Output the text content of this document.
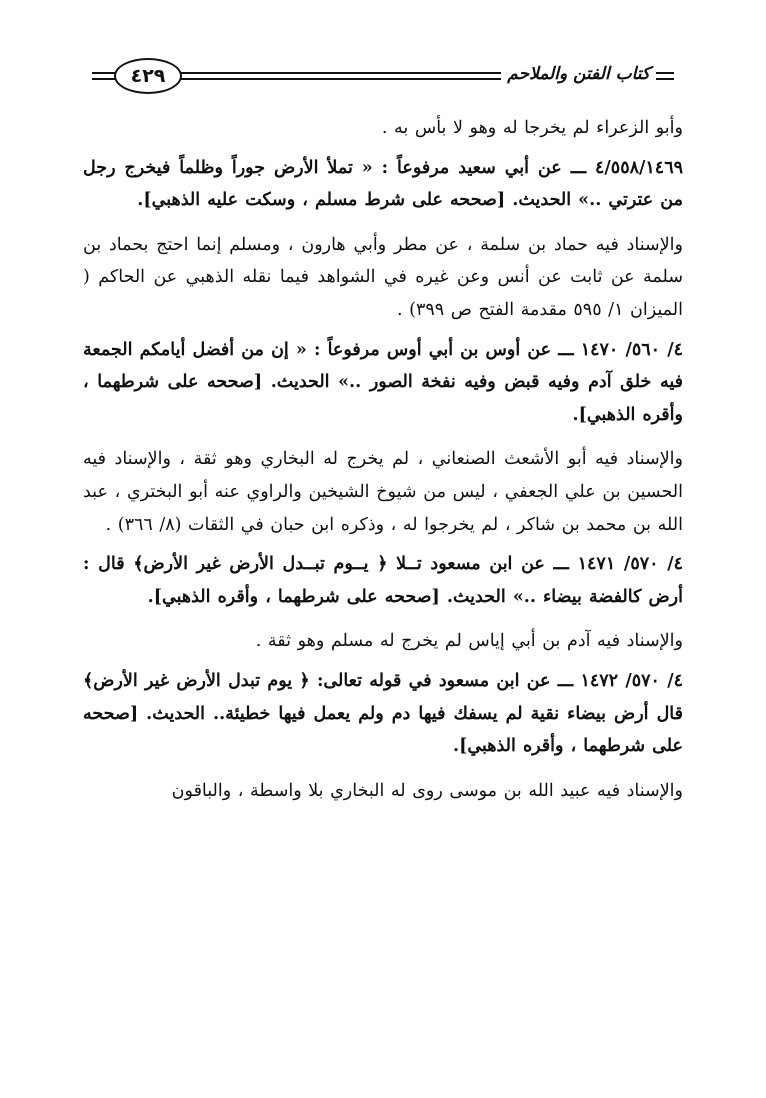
٤٢٩	كتاب الفتن والملاحم

وأبو الزعراء لم يخرجا له وهو لا بأس به .

٤/٥٥٨/١٤٦٩ ـــ عن أبي سعيد مرفوعاً : « تملأ الأرض جوراً وظلماً فيخرج رجل من عترتي ..» الحديث. [صححه على شرط مسلم ، وسكت عليه الذهبي].

والإسناد فيه حماد بن سلمة ، عن مطر وأبي هارون ، ومسلم إنما احتج بحماد بن سلمة عن ثابت عن أنس وعن غيره في الشواهد فيما نقله الذهبي عن الحاكم ( الميزان ١/ ٥٩٥ مقدمة الفتح ص ٣٩٩) .

٤/ ٥٦٠/ ١٤٧٠ ـــ عن أوس بن أبي أوس مرفوعاً : « إن من أفضل أيامكم الجمعة فيه خلق آدم وفيه قبض وفيه نفخة الصور ..» الحديث. [صححه على شرطهما ، وأقره الذهبي].

والإسناد فيه أبو الأشعث الصنعاني ، لم يخرج له البخاري وهو ثقة ، والإسناد فيه الحسين بن علي الجعفي ، ليس من شيوخ الشيخين والراوي عنه أبو البختري ، عبد الله بن محمد بن شاكر ، لم يخرجوا له ، وذكره ابن حبان في الثقات (٨/ ٣٦٦) .

٤/ ٥٧٠/ ١٤٧١ ـــ عن ابن مسعود تــلا ﴿ يــوم تبــدل الأرض غير الأرض﴾ قال : أرض كالفضة بيضاء ..» الحديث. [صححه على شرطهما ، وأقره الذهبي].

والإسناد فيه آدم بن أبي إياس لم يخرج له مسلم وهو ثقة .

٤/ ٥٧٠/ ١٤٧٢ ـــ عن ابن مسعود في قوله تعالى: ﴿ يوم تبدل الأرض غير الأرض﴾ قال أرض بيضاء نقية لم يسفك فيها دم ولم يعمل فيها خطيئة.. الحديث. [صححه على شرطهما ، وأقره الذهبي].

والإسناد فيه عبيد الله بن موسى روى له البخاري بلا واسطة ، والباقون
